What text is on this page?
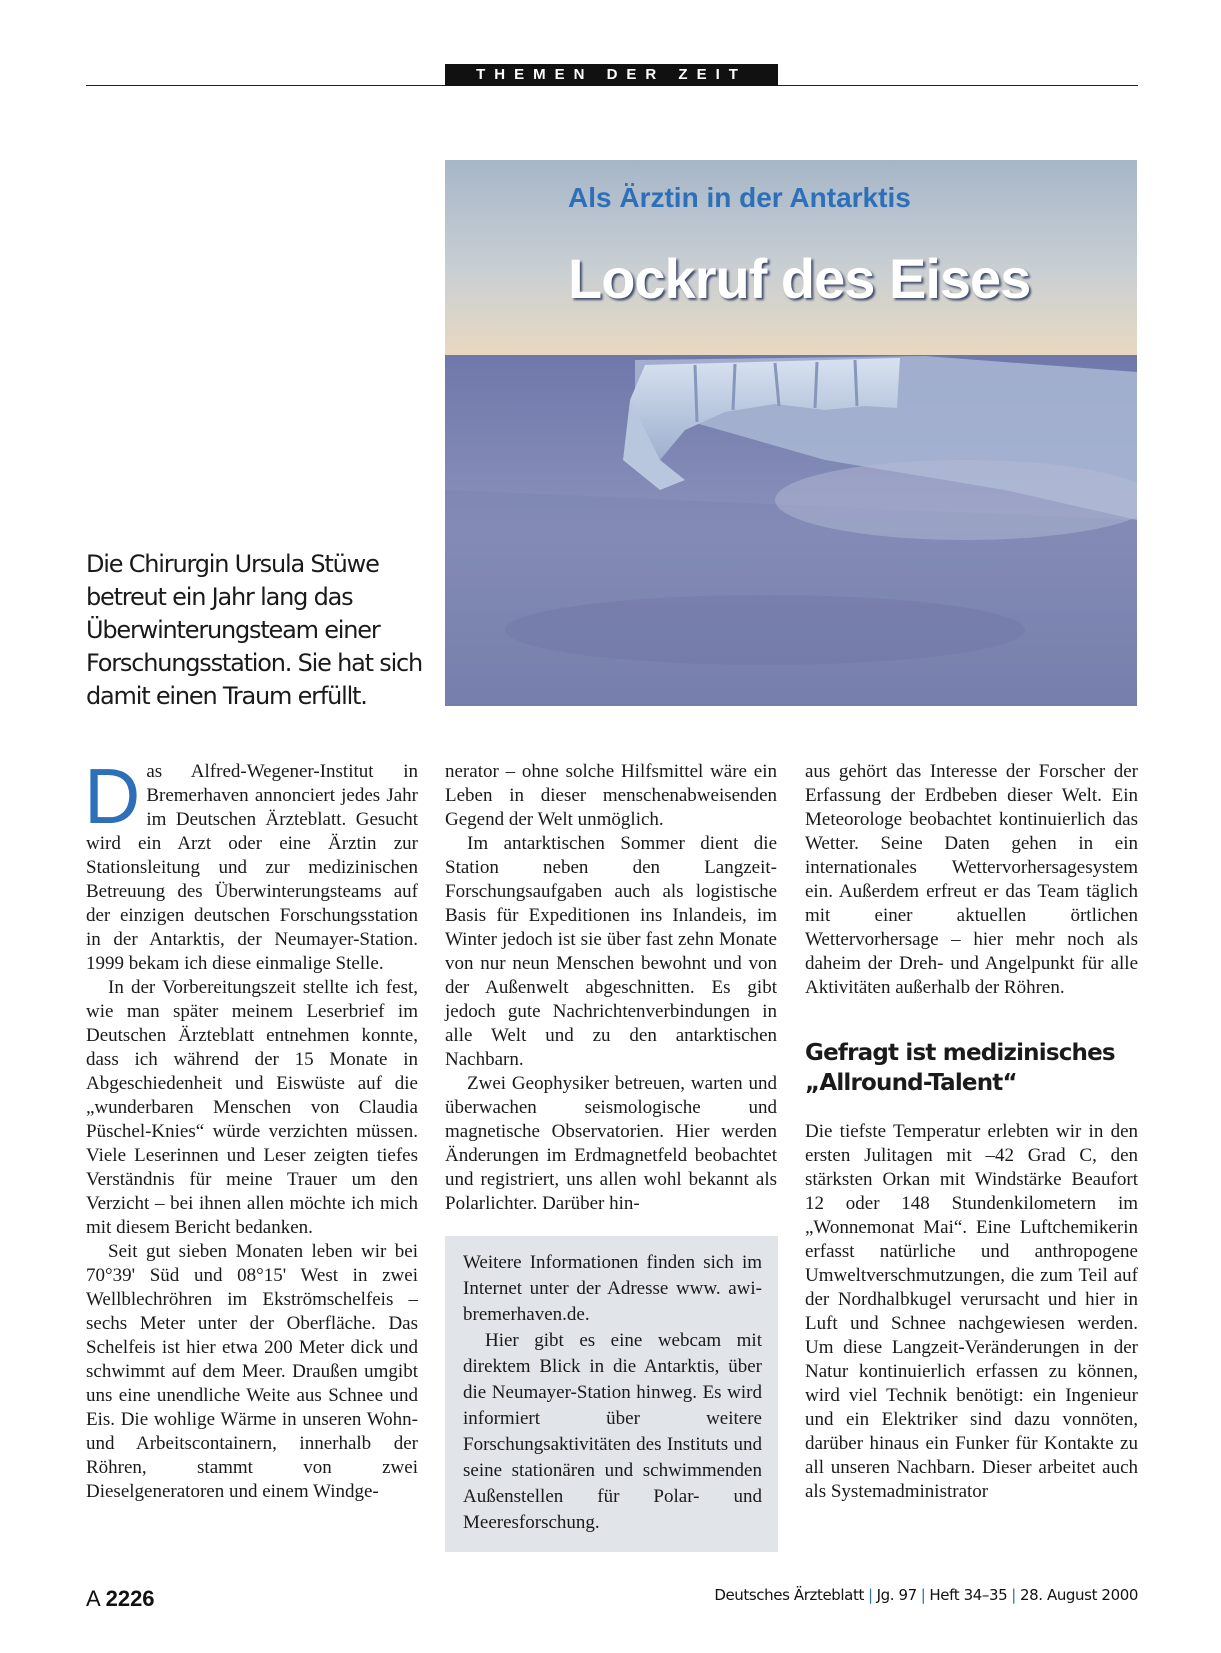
THEMEN DER ZEIT
Als Ärztin in der Antarktis
Lockruf des Eises
Die Chirurgin Ursula Stüwe betreut ein Jahr lang das Überwinterungsteam einer Forschungsstation. Sie hat sich damit einen Traum erfüllt.

Das Alfred-Wegener-Institut in Bremerhaven annonciert jedes Jahr im Deutschen Ärzteblatt. Gesucht wird ein Arzt oder eine Ärztin zur Stationsleitung und zur medizinischen Betreuung des Überwinterungsteams auf der einzigen deutschen Forschungsstation in der Antarktis, der Neumayer-Station. 1999 bekam ich diese einmalige Stelle.

In der Vorbereitungszeit stellte ich fest, wie man später meinem Leserbrief im Deutschen Ärzteblatt entnehmen konnte, dass ich während der 15 Monate in Abgeschiedenheit und Eiswüste auf die „wunderbaren Menschen von Claudia Püschel-Knies“ würde verzichten müssen. Viele Leserinnen und Leser zeigten tiefes Verständnis für meine Trauer um den Verzicht – bei ihnen allen möchte ich mich mit diesem Bericht bedanken.

Seit gut sieben Monaten leben wir bei 70°39' Süd und 08°15' West in zwei Wellblechröhren im Ekströmschelfeis – sechs Meter unter der Oberfläche. Das Schelfeis ist hier etwa 200 Meter dick und schwimmt auf dem Meer. Draußen umgibt uns eine unendliche Weite aus Schnee und Eis. Die wohlige Wärme in unseren Wohn- und Arbeitscontainern, innerhalb der Röhren, stammt von zwei Dieselgeneratoren und einem Windge-

nerator – ohne solche Hilfsmittel wäre ein Leben in dieser menschenabweisenden Gegend der Welt unmöglich.

Im antarktischen Sommer dient die Station neben den Langzeit-Forschungsaufgaben auch als logistische Basis für Expeditionen ins Inlandeis, im Winter jedoch ist sie über fast zehn Monate von nur neun Menschen bewohnt und von der Außenwelt abgeschnitten. Es gibt jedoch gute Nachrichtenverbindungen in alle Welt und zu den antarktischen Nachbarn.

Zwei Geophysiker betreuen, warten und überwachen seismologische und magnetische Observatorien. Hier werden Änderungen im Erdmagnetfeld beobachtet und registriert, uns allen wohl bekannt als Polarlichter. Darüber hin-

Weitere Informationen finden sich im Internet unter der Adresse www. awi-bremerhaven.de.

Hier gibt es eine webcam mit direktem Blick in die Antarktis, über die Neumayer-Station hinweg. Es wird informiert über weitere Forschungsaktivitäten des Instituts und seine stationären und schwimmenden Außenstellen für Polar- und Meeresforschung.

aus gehört das Interesse der Forscher der Erfassung der Erdbeben dieser Welt. Ein Meteorologe beobachtet kontinuierlich das Wetter. Seine Daten gehen in ein internationales Wettervorhersagesystem ein. Außerdem erfreut er das Team täglich mit einer aktuellen örtlichen Wettervorhersage – hier mehr noch als daheim der Dreh- und Angelpunkt für alle Aktivitäten außerhalb der Röhren.

Gefragt ist medizinisches „Allround-Talent“

Die tiefste Temperatur erlebten wir in den ersten Julitagen mit –42 Grad C, den stärksten Orkan mit Windstärke Beaufort 12 oder 148 Stundenkilometern im „Wonnemonat Mai“. Eine Luftchemikerin erfasst natürliche und anthropogene Umweltverschmutzungen, die zum Teil auf der Nordhalbkugel verursacht und hier in Luft und Schnee nachgewiesen werden. Um diese Langzeit-Veränderungen in der Natur kontinuierlich erfassen zu können, wird viel Technik benötigt: ein Ingenieur und ein Elektriker sind dazu vonnöten, darüber hinaus ein Funker für Kontakte zu all unseren Nachbarn. Dieser arbeitet auch als Systemadministrator

A 2226	Deutsches Ärzteblatt | Jg. 97 | Heft 34–35 | 28. August 2000
